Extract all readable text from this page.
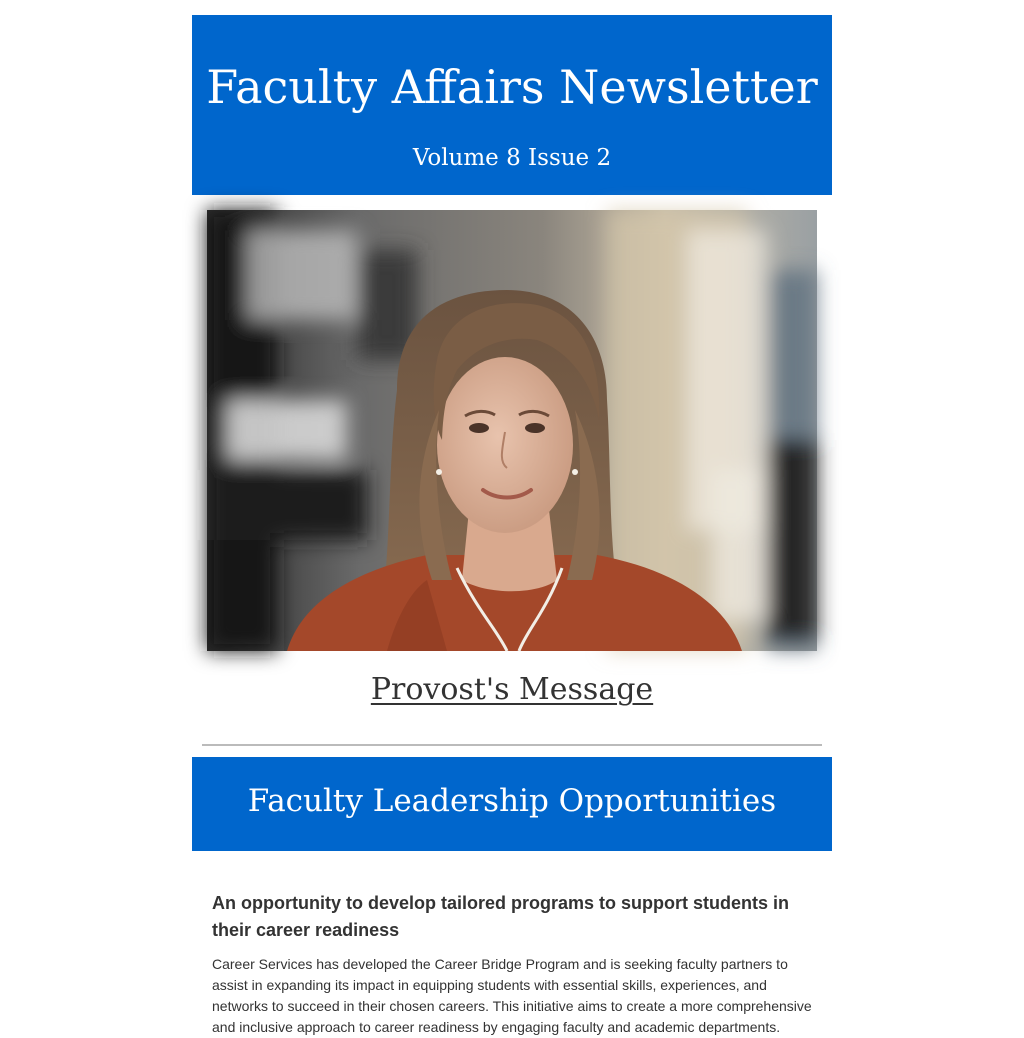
Faculty Affairs Newsletter
Volume 8 Issue 2
Provost's Message
Faculty Leadership Opportunities
An opportunity to develop tailored programs to support students in their career readiness
Career Services has developed the Career Bridge Program and is seeking faculty partners to assist in expanding its impact in equipping students with essential skills, experiences, and networks to succeed in their chosen careers. This initiative aims to create a more comprehensive and inclusive approach to career readiness by engaging faculty and academic departments.
